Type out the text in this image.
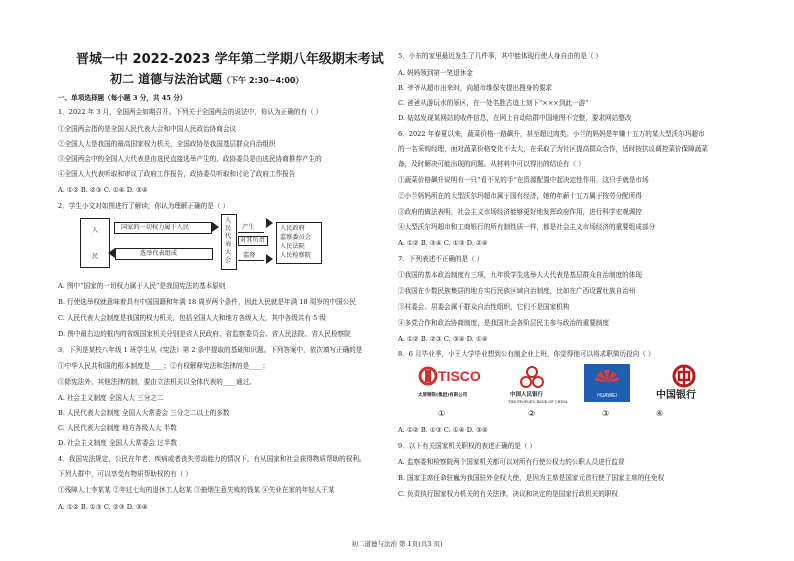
晋城一中 2022-2023 学年第二学期八年级期末考试
初二 道德与法治试题（下午 2:30~4:00）
一、单项选择题（每小题 3 分，共 45 分）
1．2022 年 3 月，全国两会如期召开。下列关于全国两会的说法中，你认为正确的有（ ）
①全国两会指的是全国人民代表大会和中国人民政治协商会议
②全国人大是我国的最高国家权力机关，全国政协是我国基层群众自治组织
③全国两会中的全国人大代表是由选民直接选举产生的，政协委员是由选民协商推荐产生的
④全国人大代表听取和审议了政府工作报告，政协委员听取和讨论了政府工作报告
A. ①② B. ②③ C. ①④ D. ③④
2．学生小文对如图进行了解读，你认为理解正确的是（ ）
人
民
国家的一切权力属于人民
选举代表组成
人民代表大会
产生
对其负责
监督
人民政府
监察委员会
人民法院
人民检察院
A. 图中“国家的一切权力属于人民”是我国宪法的基本原则
B. 行使选举权就意味着具有中国国籍和年满 18 周岁两个条件，因此人民就是年满 18 周岁的中国公民
C. 人民代表大会制度是我国的权力机关，包括全国人大和地方各级人大，其中各级共有 5 级
D. 图中最右边的框内的省级国家机关分别是省人民政府、省监察委员会、省人民法院、省人民检察院
3．下列是某校八年级 1 班学生从《宪法》第 2 条中提取的基础知识题。下列答案中，依次填写正确的是
①中华人民共和国的根本制度是____；②有权解释宪法和法律的是____；
③除宪法外，其他法律的制，要由立法机关以全体代表的____通过。
A. 社会主义制度 全国人大 三分之二
B. 人民代表大会制度 全国人大常委会 三分之二以上的多数
C. 人民代表大会制度 地方各级人大 半数
D. 社会主义制度 全国人大常委会 过半数
4．我国宪法规定，公民在年老、疾病或者丧失劳动能力的情况下，有从国家和社会获得物质帮助的权利。
下列人群中，可以享受有物质帮助权的有（ ）
①残障人士李某某 ②年过七旬的退休工人赵某 ③抽烟生意失败的钱某 ④失业在家的年轻人王某
A. ①② B. ①③ C. ②③ D. ③④
5．小东的家里最近发生了几件事，其中能体现行使人身自由的是（ ）
A. 妈妈领到第一笔退休金
B. 爷爷从超市出来时，向超市维保安提出搜身的要求
C. 爸爸从游玩水的景区，在一处名胜古迹上刻下“×××到此一游”
D. 姑姑发现某网站的收件信息，在网上自动给群中国地图不完整，要求网站整改
6．2022 年春夏以来，蔬菜价格一路飙升，甚至超过肉类。小兰的妈妈是年赚十五万的某大型沃尔玛超市
的一名采购经理，面对蔬菜价格变化不太大，在采取了为社区提高群众合作，适时按抗议调控菜价保障蔬菜
备，及时解决可能出现的问题。从材料中可以得出的结论有（ ）
①蔬菜价格飙升说明有一只“看不见的手”在资源配置中起决定性作用，这只手就是市场
②小兰妈妈所在的大型沃尔玛超市属于国有经济，她的年薪十五万属于按劳分配所得
③政府的做法表明，社会主义市场经济能够更好地发挥政府作用，进行科学宏观调控
④大型沃尔玛超市和工商银行的所有制性质一样，都是社会主义市场经济的重要组成部分
A. ①② B. ③④ C. ①③ D. ②④
7．下列表述不正确的是（ ）
①我国的基本政治制度有三项，九年级学生选举人大代表是基层群众自治制度的体现
②我国在少数民族集居的地方实行民族区域自治制度，比如在广西设置壮族自治州
③村委会、居委会属于群众自治性组织，它们不是国家机构
④多党合作和政治协商制度，是我国社会各阶层民主参与政治的重要制度
A. ①② B. ②③ C. ③④ D. ①④
8．6 月毕业季，小王大学毕业想到公有制企业上班，你觉得他可以将求职简历投向（ ）
TISCO
太原钢铁(集团)有限公司
①
中国人民银行
THE PEOPLE'S BANK OF CHINA
②
HUAWEI
③
中国银行
④
A. ①② B. ①③ C. ①④ D. ③④
9．以下有关国家机关职权的表述正确的是（ ）
A. 监察委和检察院两个国家机关都可以对所有行使公权力的公职人员进行监督
B. 国家主席任命驻巍为我国驻外全权大使，是因为主席是国家元首行使了国家主席的任免权
C. 负责执行国家权力机关的有关法律，决议和决定的是国家行政机关的职权
初二道德与法治 第 1页(共3 页)
